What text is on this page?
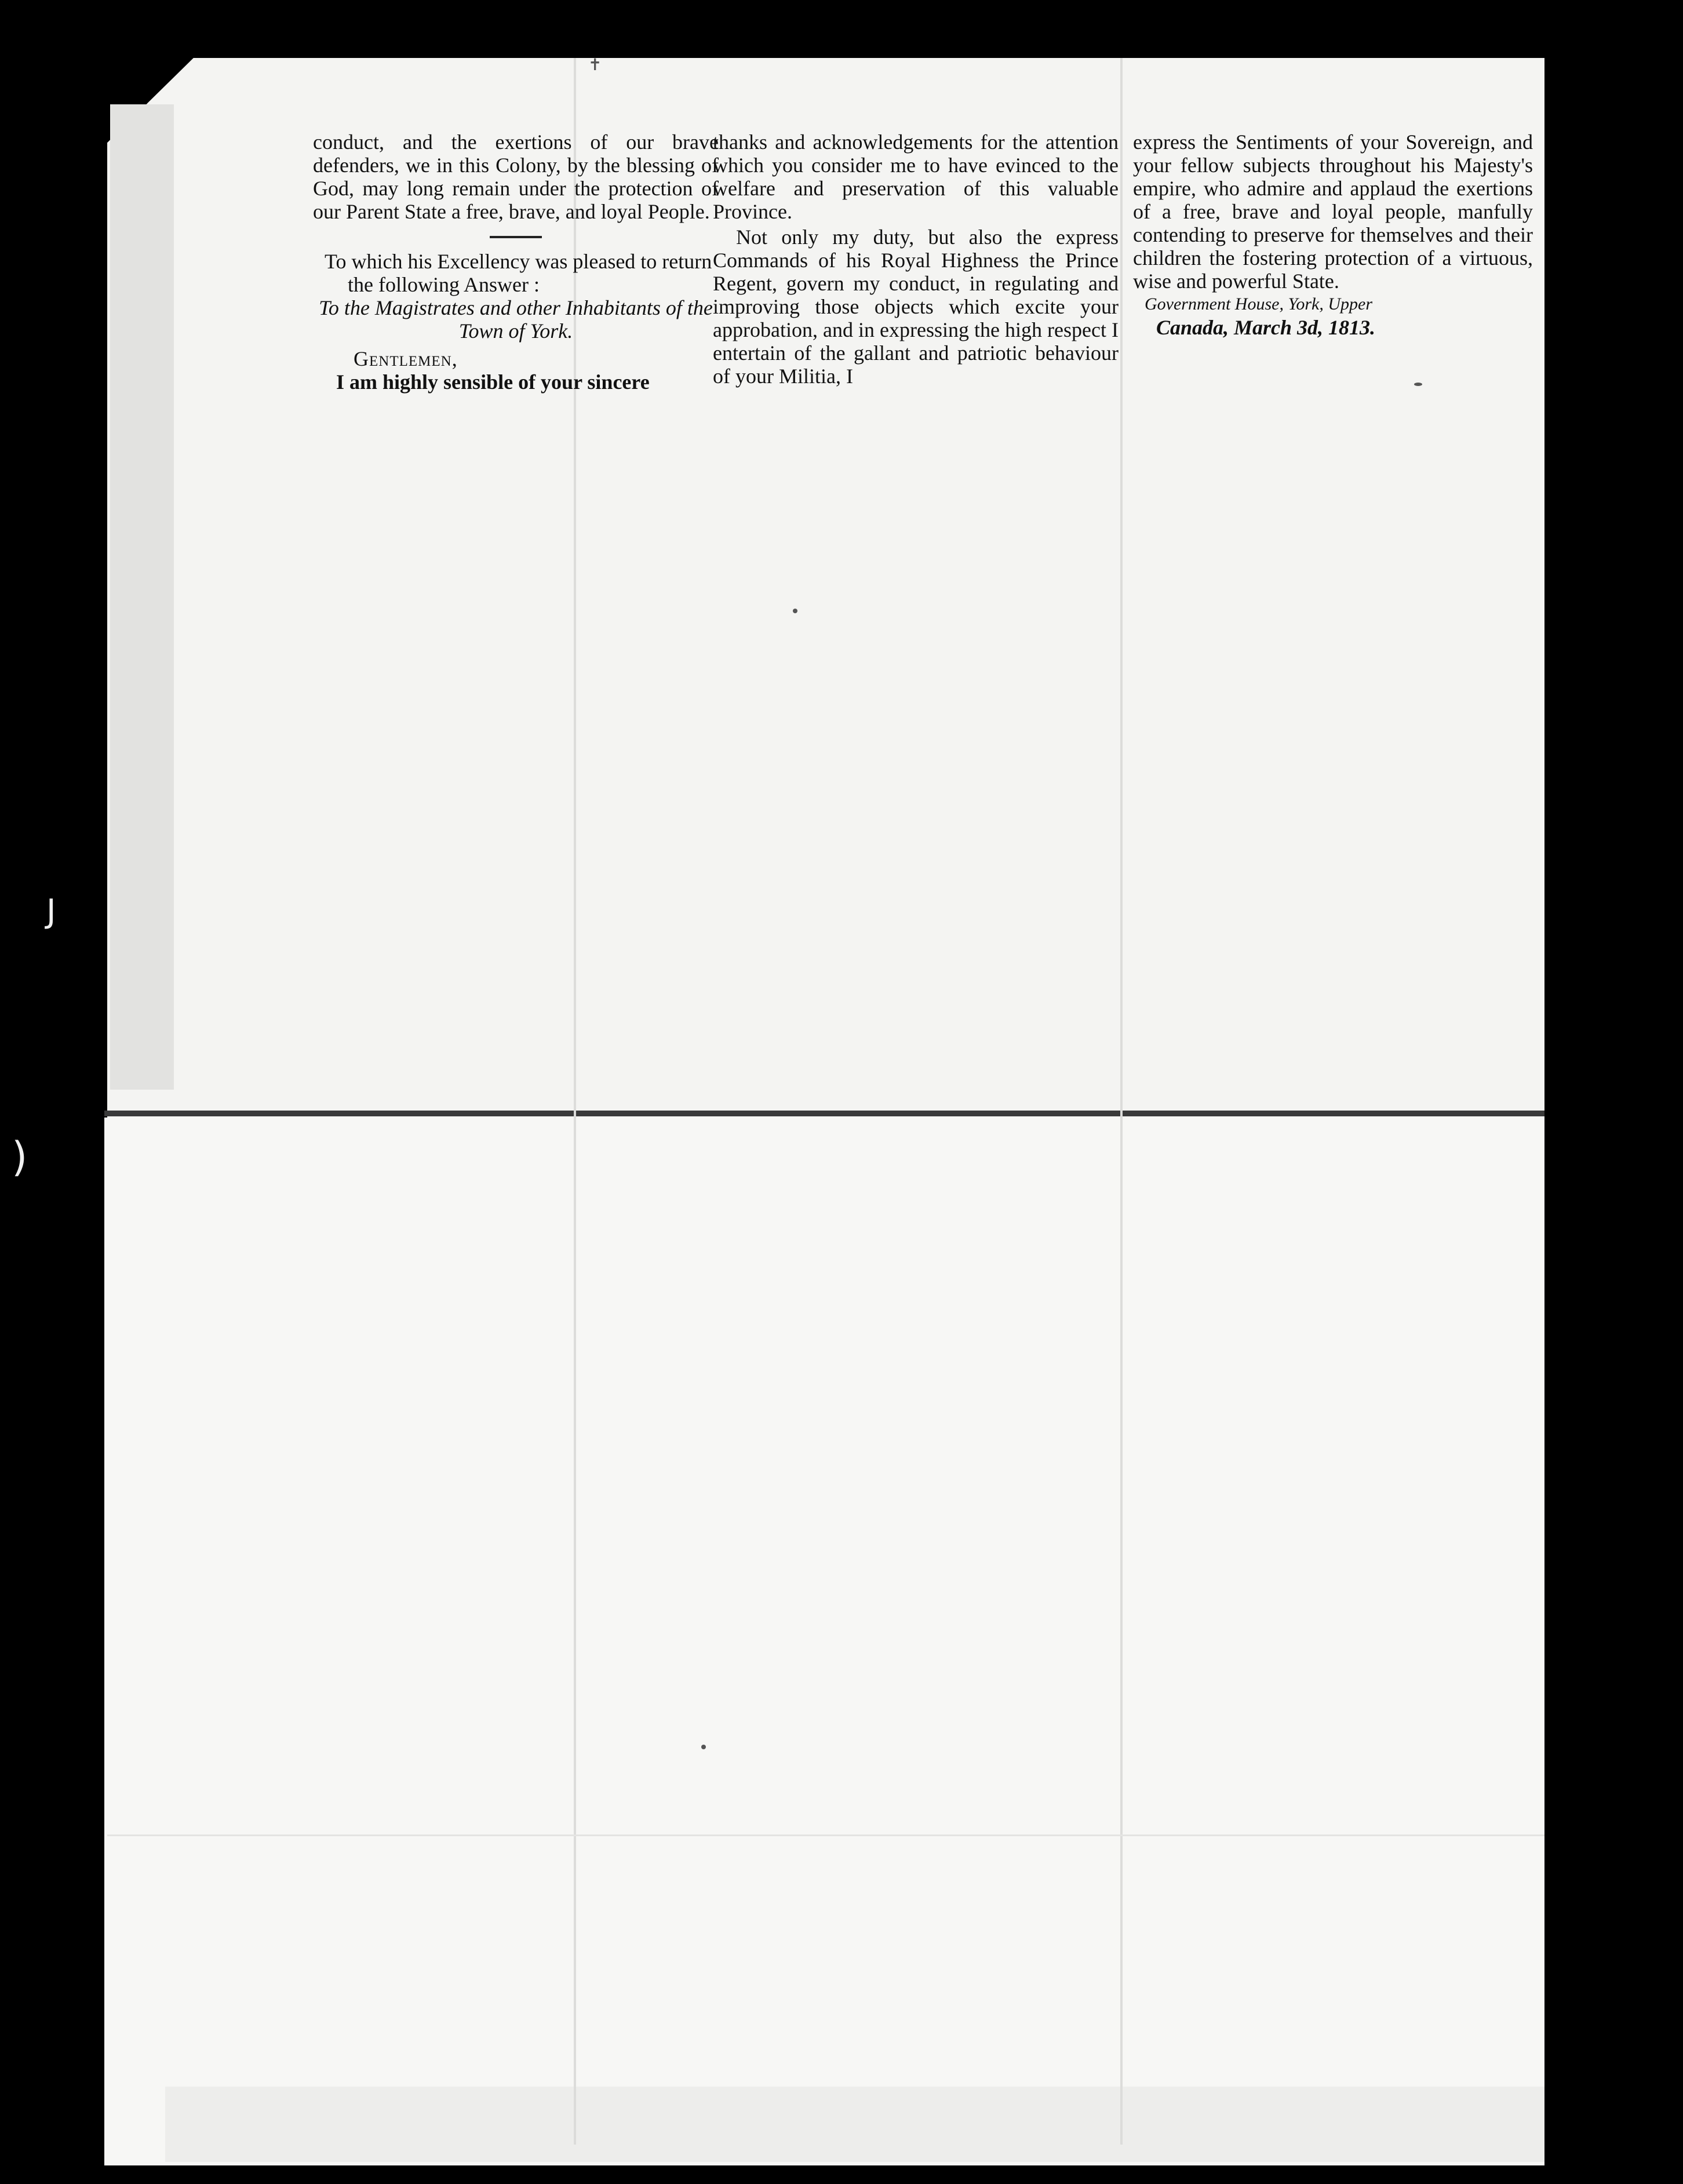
✝
J
)

conduct, and the exertions of our brave defenders, we in this Colony, by the blessing of God, may long remain under the protection of our Parent State a free, brave, and loyal People.

To which his Excellency was pleased to return the following Answer :

To the Magistrates and other Inhabitants of the Town of York.

Gentlemen,

I am highly sensible of your sincere

thanks and acknowledgements for the attention which you consider me to have evinced to the welfare and preservation of this valuable Province.

Not only my duty, but also the express Commands of his Royal Highness the Prince Regent, govern my conduct, in regulating and improving those objects which excite your approbation, and in expressing the high respect I entertain of the gallant and patriotic behaviour of your Militia, I

express the Sentiments of your Sovereign, and your fellow subjects throughout his Majesty's empire, who admire and applaud the exertions of a free, brave and loyal people, manfully contending to preserve for themselves and their children the fostering protection of a virtuous, wise and powerful State.

Government House, York, Upper

Canada, March 3d, 1813.
